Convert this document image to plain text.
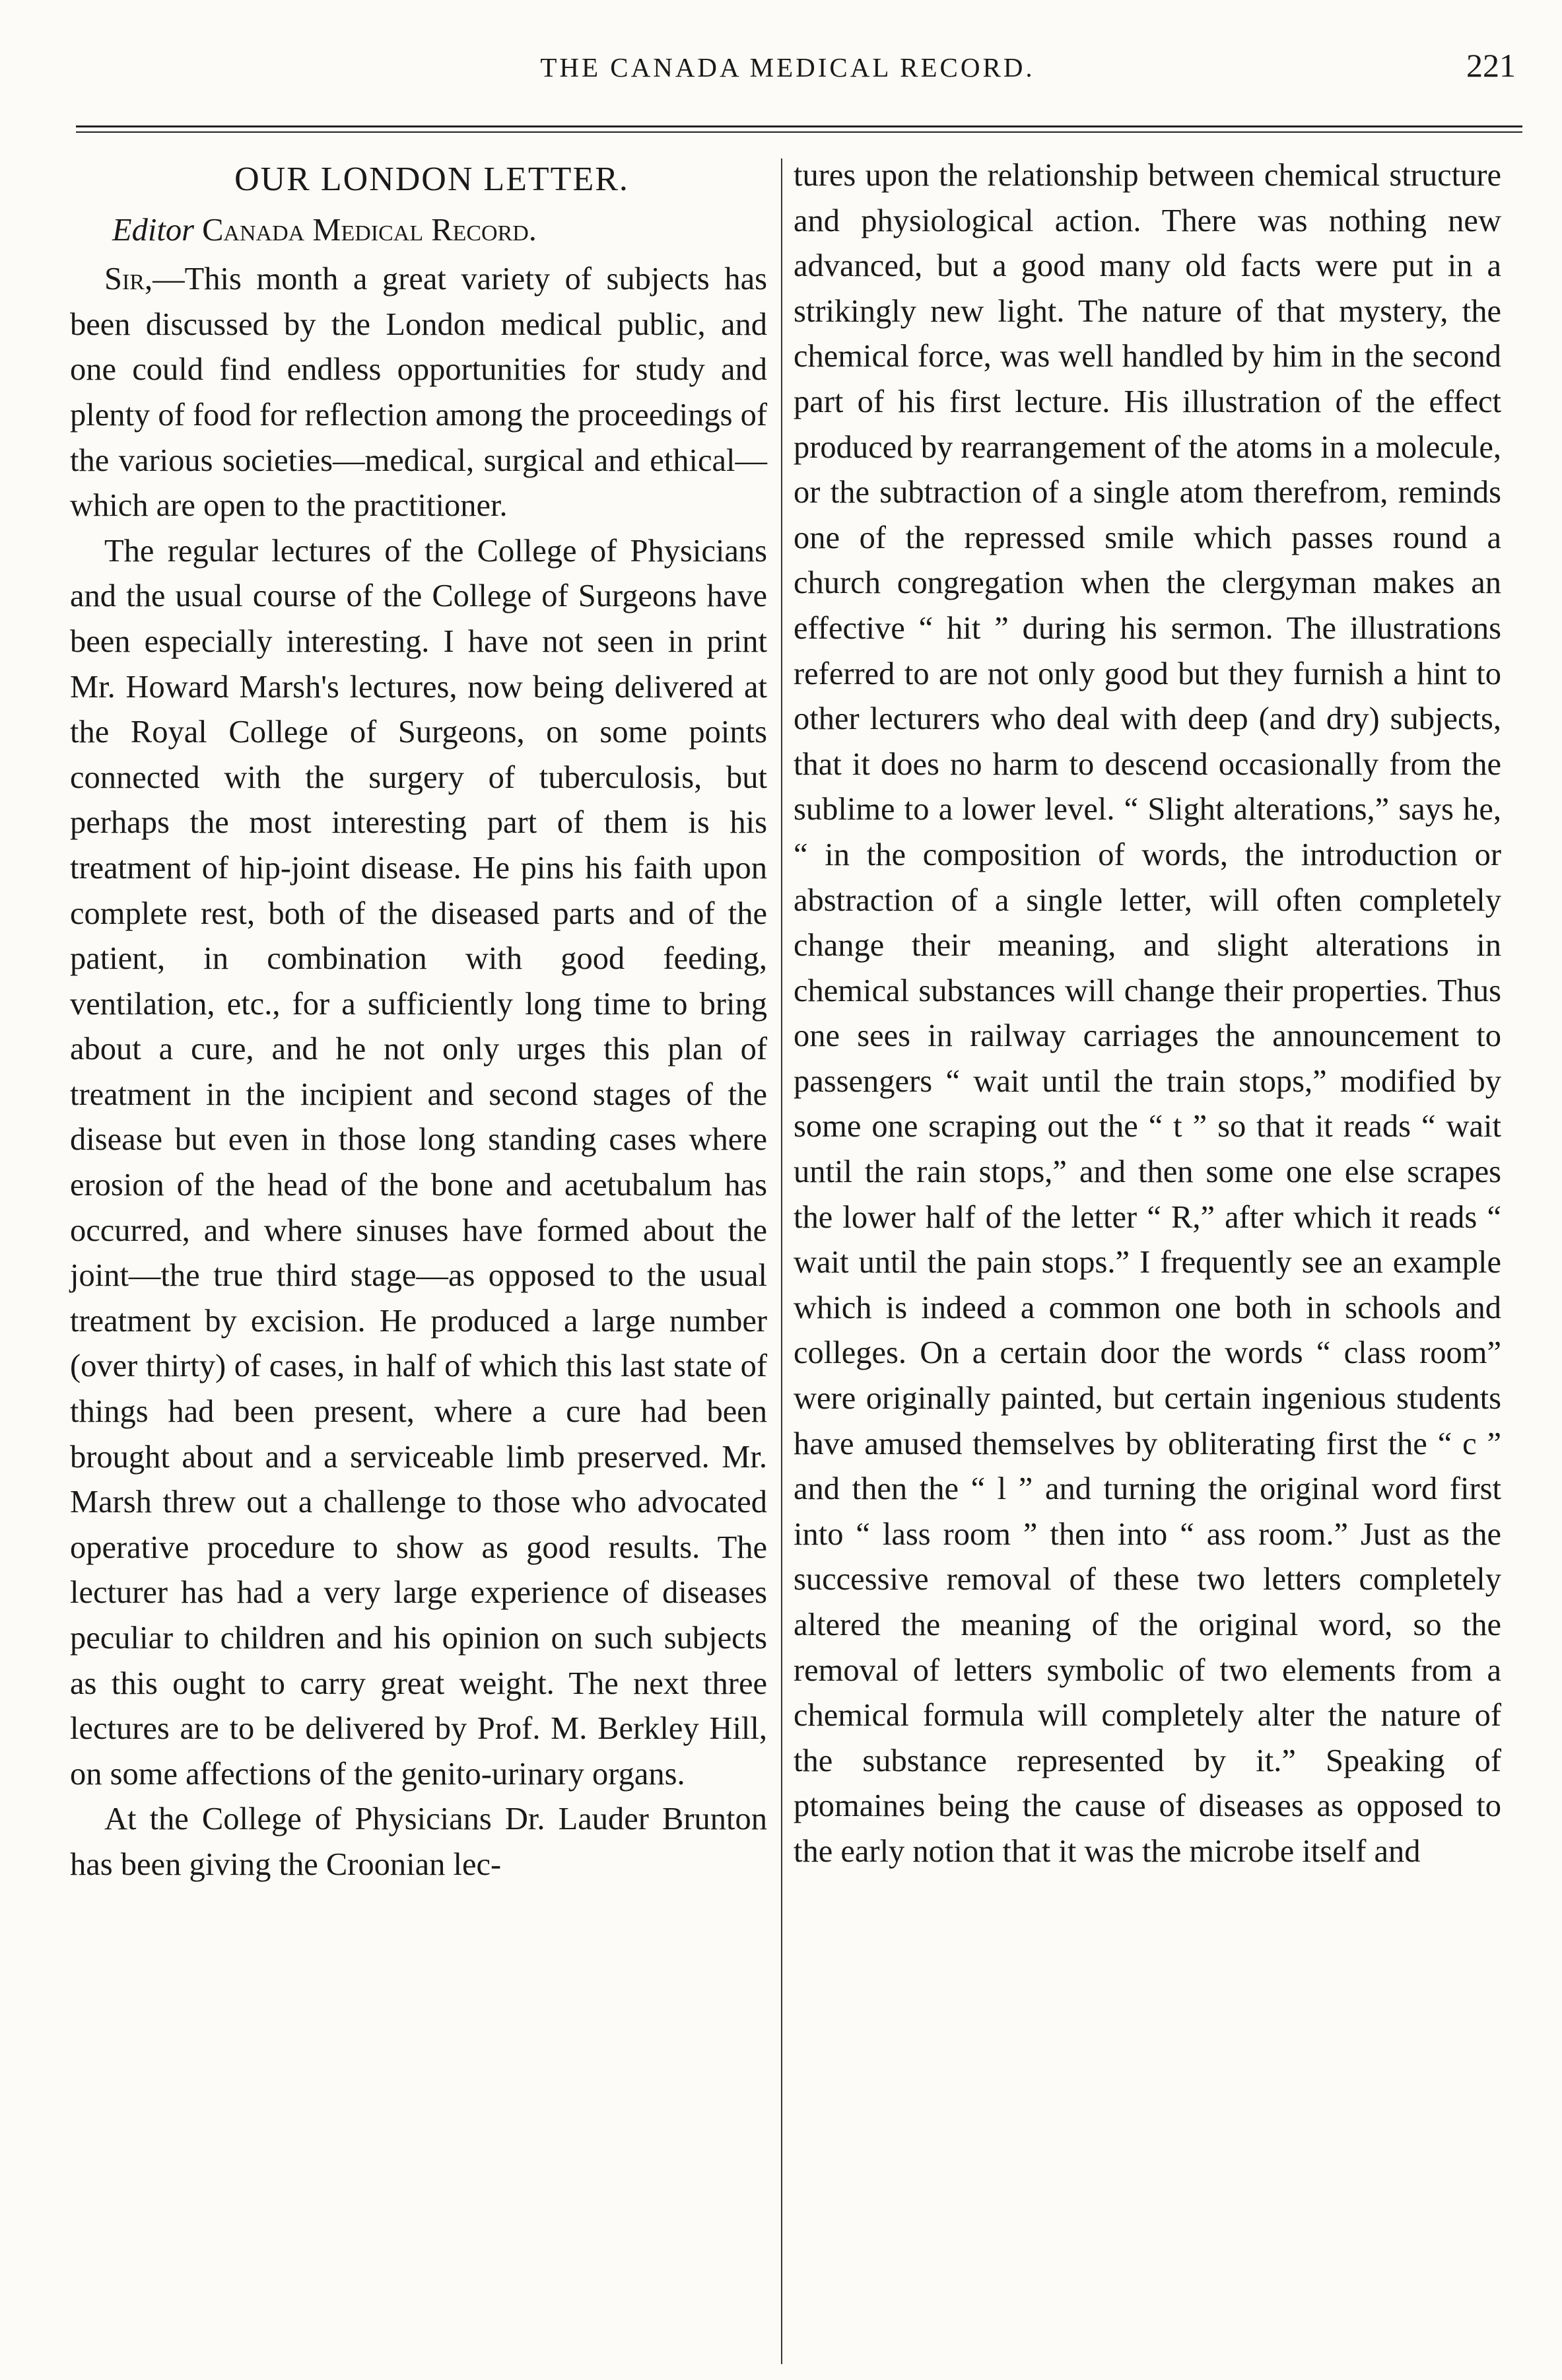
THE CANADA MEDICAL RECORD.	221
OUR LONDON LETTER.
Editor Canada Medical Record.

Sir,—This month a great variety of subjects has been discussed by the London medical public, and one could find endless opportunities for study and plenty of food for reflection among the proceedings of the various societies—medical, surgical and ethical—which are open to the practitioner.

The regular lectures of the College of Physicians and the usual course of the College of Surgeons have been especially interesting. I have not seen in print Mr. Howard Marsh's lectures, now being delivered at the Royal College of Surgeons, on some points connected with the surgery of tuberculosis, but perhaps the most interesting part of them is his treatment of hip-joint disease. He pins his faith upon complete rest, both of the diseased parts and of the patient, in combination with good feeding, ventilation, etc., for a sufficiently long time to bring about a cure, and he not only urges this plan of treatment in the incipient and second stages of the disease but even in those long standing cases where erosion of the head of the bone and acetubalum has occurred, and where sinuses have formed about the joint—the true third stage—as opposed to the usual treatment by excision. He produced a large number (over thirty) of cases, in half of which this last state of things had been present, where a cure had been brought about and a serviceable limb preserved. Mr. Marsh threw out a challenge to those who advocated operative procedure to show as good results. The lecturer has had a very large experience of diseases peculiar to children and his opinion on such subjects as this ought to carry great weight. The next three lectures are to be delivered by Prof. M. Berkley Hill, on some affections of the genito-urinary organs.

At the College of Physicians Dr. Lauder Brunton has been giving the Croonian lec-

tures upon the relationship between chemical structure and physiological action. There was nothing new advanced, but a good many old facts were put in a strikingly new light. The nature of that mystery, the chemical force, was well handled by him in the second part of his first lecture. His illustration of the effect produced by rearrangement of the atoms in a molecule, or the subtraction of a single atom therefrom, reminds one of the repressed smile which passes round a church congregation when the clergyman makes an effective “ hit ” during his sermon. The illustrations referred to are not only good but they furnish a hint to other lecturers who deal with deep (and dry) subjects, that it does no harm to descend occasionally from the sublime to a lower level. “ Slight alterations,” says he, “ in the composition of words, the introduction or abstraction of a single letter, will often completely change their meaning, and slight alterations in chemical substances will change their properties. Thus one sees in railway carriages the announcement to passengers “ wait until the train stops,” modified by some one scraping out the “ t ” so that it reads “ wait until the rain stops,” and then some one else scrapes the lower half of the letter “ R,” after which it reads “ wait until the pain stops.” I frequently see an example which is indeed a common one both in schools and colleges. On a certain door the words “ class room” were originally painted, but certain ingenious students have amused themselves by obliterating first the “ c ” and then the “ l ” and turning the original word first into “ lass room ” then into “ ass room.” Just as the successive removal of these two letters completely altered the meaning of the original word, so the removal of letters symbolic of two elements from a chemical formula will completely alter the nature of the substance represented by it.” Speaking of ptomaines being the cause of diseases as opposed to the early notion that it was the microbe itself and
